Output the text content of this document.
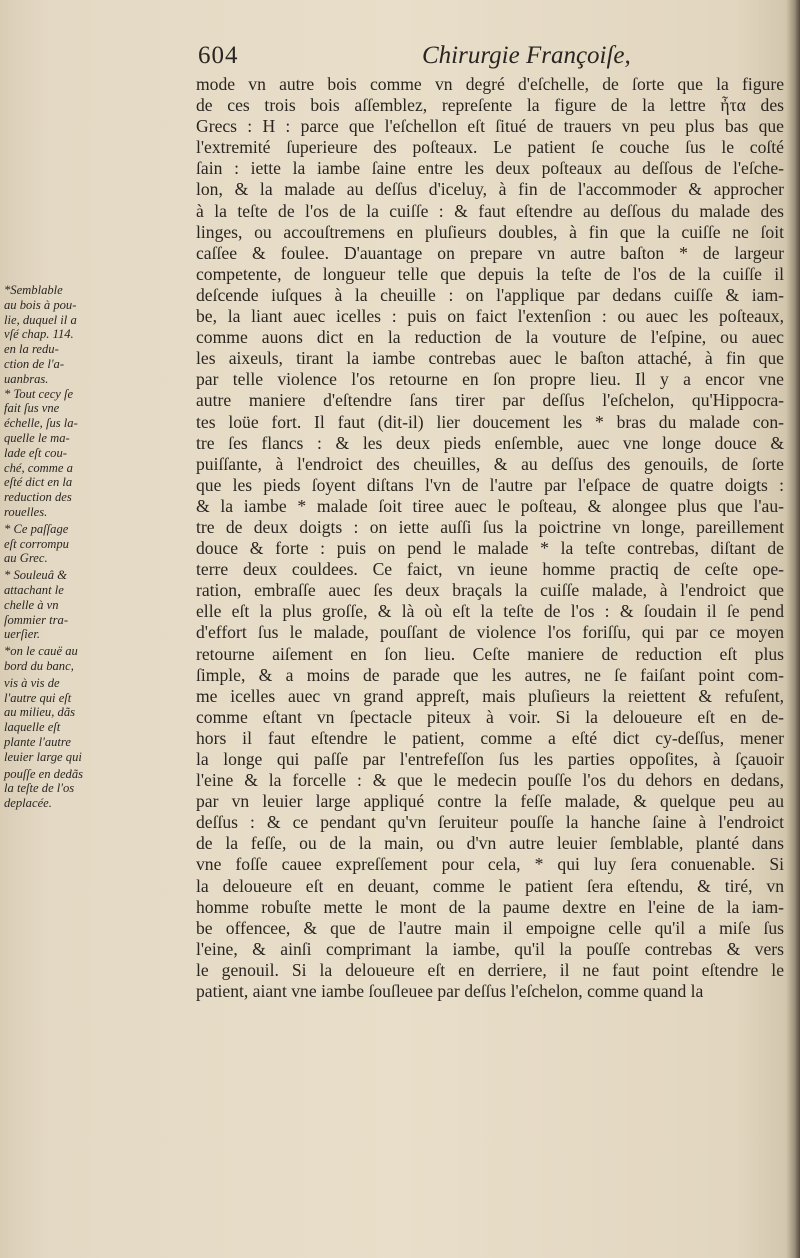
604	Chirurgie Françoiſe,
*Semblable
au bois à pou-
lie, duquel il a
vſé chap. 114.
en la redu-
ction de l'a-
uanbras.
* Tout cecy ſe
fait ſus vne
échelle, ſus la-
quelle le ma-
lade eſt cou-
ché, comme a
eſté dict en la
reduction des
rouelles.
* Ce paſſage
eſt corrompu
au Grec.
* Souleuâ &
attachant le
chelle à vn
ſommier tra-
uerſier.
*on le cauë au
bord du banc,
vis à vis de
l'autre qui eſt
au milieu, dãs
laquelle eſt
plante l'autre
leuier large qui
pouſſe en dedãs
la teſte de l'os
deplacée.
mode vn autre bois comme vn degré d'eſchelle, de ſorte que la figure
de ces trois bois aſſemblez, repreſente la figure de la lettre ἦτα des
Grecs : H : parce que l'eſchellon eſt ſitué de trauers vn peu plus bas que
l'extremité ſuperieure des poſteaux. Le patient ſe couche ſus le coſté
ſain : iette la iambe ſaine entre les deux poſteaux au deſſous de l'eſche-
lon, & la malade au deſſus d'iceluy, à fin de l'accommoder & approcher
à la teſte de l'os de la cuiſſe : & faut eſtendre au deſſous du malade des
linges, ou accouſtremens en pluſieurs doubles, à fin que la cuiſſe ne ſoit
caſſee & foulee. D'auantage on prepare vn autre baſton * de largeur
competente, de longueur telle que depuis la teſte de l'os de la cuiſſe il
deſcende iuſques à la cheuille : on l'applique par dedans cuiſſe & iam-
be, la liant auec icelles : puis on faict l'extenſion : ou auec les poſteaux,
comme auons dict en la reduction de la vouture de l'eſpine, ou auec
les aixeuls, tirant la iambe contrebas auec le baſton attaché, à fin que
par telle violence l'os retourne en ſon propre lieu. Il y a encor vne
autre maniere d'eſtendre ſans tirer par deſſus l'eſchelon, qu'Hippocra-
tes loüe fort. Il faut (dit-il) lier doucement les * bras du malade con-
tre ſes flancs : & les deux pieds enſemble, auec vne longe douce &
puiſſante, à l'endroict des cheuilles, & au deſſus des genouils, de ſorte
que les pieds ſoyent diſtans l'vn de l'autre par l'eſpace de quatre doigts :
& la iambe * malade ſoit tiree auec le poſteau, & alongee plus que l'au-
tre de deux doigts : on iette auſſi ſus la poictrine vn longe, pareillement
douce & forte : puis on pend le malade * la teſte contrebas, diſtant de
terre deux couldees. Ce faict, vn ieune homme practiq de ceſte ope-
ration, embraſſe auec ſes deux braçals la cuiſſe malade, à l'endroict que
elle eſt la plus groſſe, & là où eſt la teſte de l'os : & ſoudain il ſe pend
d'effort ſus le malade, pouſſant de violence l'os foriſſu, qui par ce moyen
retourne aiſement en ſon lieu. Ceſte maniere de reduction eſt plus
ſimple, & a moins de parade que les autres, ne ſe faiſant point com-
me icelles auec vn grand appreſt, mais pluſieurs la reiettent & refuſent,
comme eſtant vn ſpectacle piteux à voir. Si la deloueure eſt en de-
hors il faut eſtendre le patient, comme a eſté dict cy-deſſus, mener
la longe qui paſſe par l'entrefeſſon ſus les parties oppoſites, à ſçauoir
l'eine & la forcelle : & que le medecin pouſſe l'os du dehors en dedans,
par vn leuier large appliqué contre la feſſe malade, & quelque peu au
deſſus : & ce pendant qu'vn ſeruiteur pouſſe la hanche ſaine à l'endroict
de la feſſe, ou de la main, ou d'vn autre leuier ſemblable, planté dans
vne foſſe cauee expreſſement pour cela, * qui luy ſera conuenable. Si
la deloueure eſt en deuant, comme le patient ſera eſtendu, & tiré, vn
homme robuſte mette le mont de la paume dextre en l'eine de la iam-
be offencee, & que de l'autre main il empoigne celle qu'il a miſe ſus
l'eine, & ainſi comprimant la iambe, qu'il la pouſſe contrebas & vers
le genouil. Si la deloueure eſt en derriere, il ne faut point eſtendre le
patient, aiant vne iambe ſouſleuee par deſſus l'eſchelon, comme quand la
